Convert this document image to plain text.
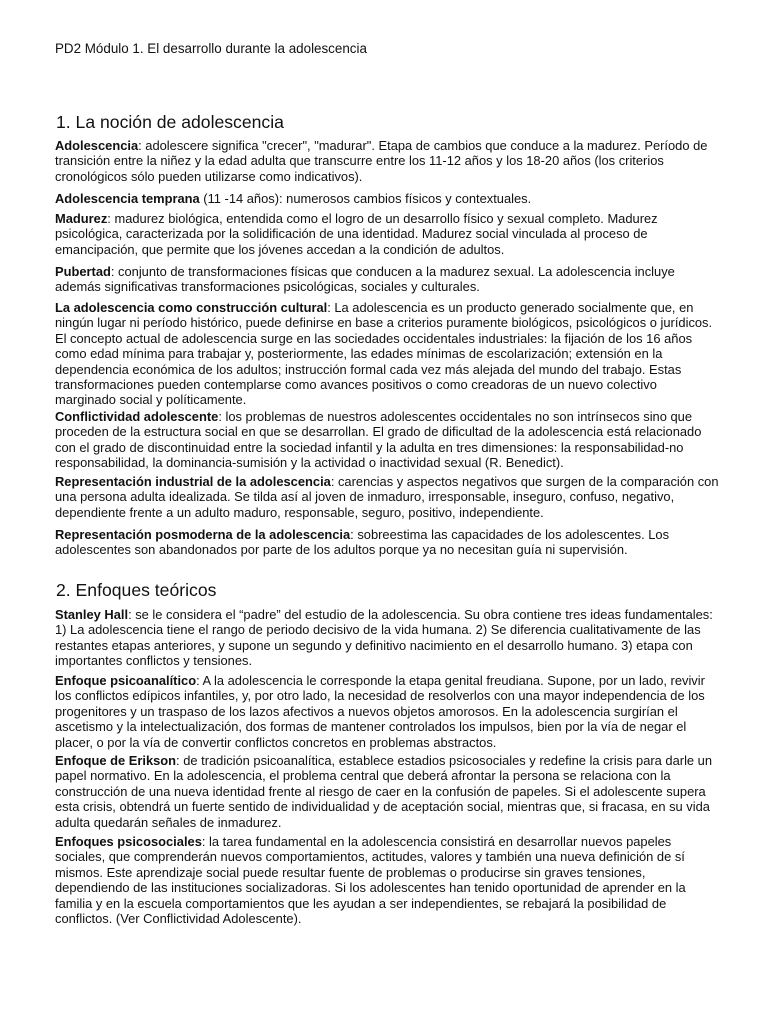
PD2 Módulo 1. El desarrollo durante la adolescencia
1. La noción de adolescencia

Adolescencia: adolescere significa "crecer", "madurar". Etapa de cambios que conduce a la madurez. Período de transición entre la niñez y la edad adulta que transcurre entre los 11-12 años y los 18-20 años (los criterios cronológicos sólo pueden utilizarse como indicativos).

Adolescencia temprana (11 -14 años): numerosos cambios físicos y contextuales.

Madurez: madurez biológica, entendida como el logro de un desarrollo físico y sexual completo. Madurez psicológica, caracterizada por la solidificación de una identidad. Madurez social vinculada al proceso de emancipación, que permite que los jóvenes accedan a la condición de adultos.

Pubertad: conjunto de transformaciones físicas que conducen a la madurez sexual. La adolescencia incluye además significativas transformaciones psicológicas, sociales y culturales.

La adolescencia como construcción cultural: La adolescencia es un producto generado socialmente que, en ningún lugar ni período histórico, puede definirse en base a criterios puramente biológicos, psicológicos o jurídicos. El concepto actual de adolescencia surge en las sociedades occidentales industriales: la fijación de los 16 años como edad mínima para trabajar y, posteriormente, las edades mínimas de escolarización; extensión en la dependencia económica de los adultos; instrucción formal cada vez más alejada del mundo del trabajo. Estas transformaciones pueden contemplarse como avances positivos o como creadoras de un nuevo colectivo marginado social y políticamente.

Conflictividad adolescente: los problemas de nuestros adolescentes occidentales no son intrínsecos sino que proceden de la estructura social en que se desarrollan. El grado de dificultad de la adolescencia está relacionado con el grado de discontinuidad entre la sociedad infantil y la adulta en tres dimensiones: la responsabilidad-no responsabilidad, la dominancia-sumisión y la actividad o inactividad sexual (R. Benedict).

Representación industrial de la adolescencia: carencias y aspectos negativos que surgen de la comparación con una persona adulta idealizada. Se tilda así al joven de inmaduro, irresponsable, inseguro, confuso, negativo, dependiente frente a un adulto maduro, responsable, seguro, positivo, independiente.

Representación posmoderna de la adolescencia: sobreestima las capacidades de los adolescentes. Los adolescentes son abandonados por parte de los adultos porque ya no necesitan guía ni supervisión.

2. Enfoques teóricos

Stanley Hall: se le considera el “padre” del estudio de la adolescencia. Su obra contiene tres ideas fundamentales: 1) La adolescencia tiene el rango de periodo decisivo de la vida humana. 2) Se diferencia cualitativamente de las restantes etapas anteriores, y supone un segundo y definitivo nacimiento en el desarrollo humano. 3) etapa con importantes conflictos y tensiones.

Enfoque psicoanalítico: A la adolescencia le corresponde la etapa genital freudiana. Supone, por un lado, revivir los conflictos edípicos infantiles, y, por otro lado, la necesidad de resolverlos con una mayor independencia de los progenitores y un traspaso de los lazos afectivos a nuevos objetos amorosos. En la adolescencia surgirían el ascetismo y la intelectualización, dos formas de mantener controlados los impulsos, bien por la vía de negar el placer, o por la vía de convertir conflictos concretos en problemas abstractos.

Enfoque de Erikson: de tradición psicoanalítica, establece estadios psicosociales y redefine la crisis para darle un papel normativo. En la adolescencia, el problema central que deberá afrontar la persona se relaciona con la construcción de una nueva identidad frente al riesgo de caer en la confusión de papeles. Si el adolescente supera esta crisis, obtendrá un fuerte sentido de individualidad y de aceptación social, mientras que, si fracasa, en su vida adulta quedarán señales de inmadurez.

Enfoques psicosociales: la tarea fundamental en la adolescencia consistirá en desarrollar nuevos papeles sociales, que comprenderán nuevos comportamientos, actitudes, valores y también una nueva definición de sí mismos. Este aprendizaje social puede resultar fuente de problemas o producirse sin graves tensiones, dependiendo de las instituciones socializadoras. Si los adolescentes han tenido oportunidad de aprender en la familia y en la escuela comportamientos que les ayudan a ser independientes, se rebajará la posibilidad de conflictos. (Ver Conflictividad Adolescente).
